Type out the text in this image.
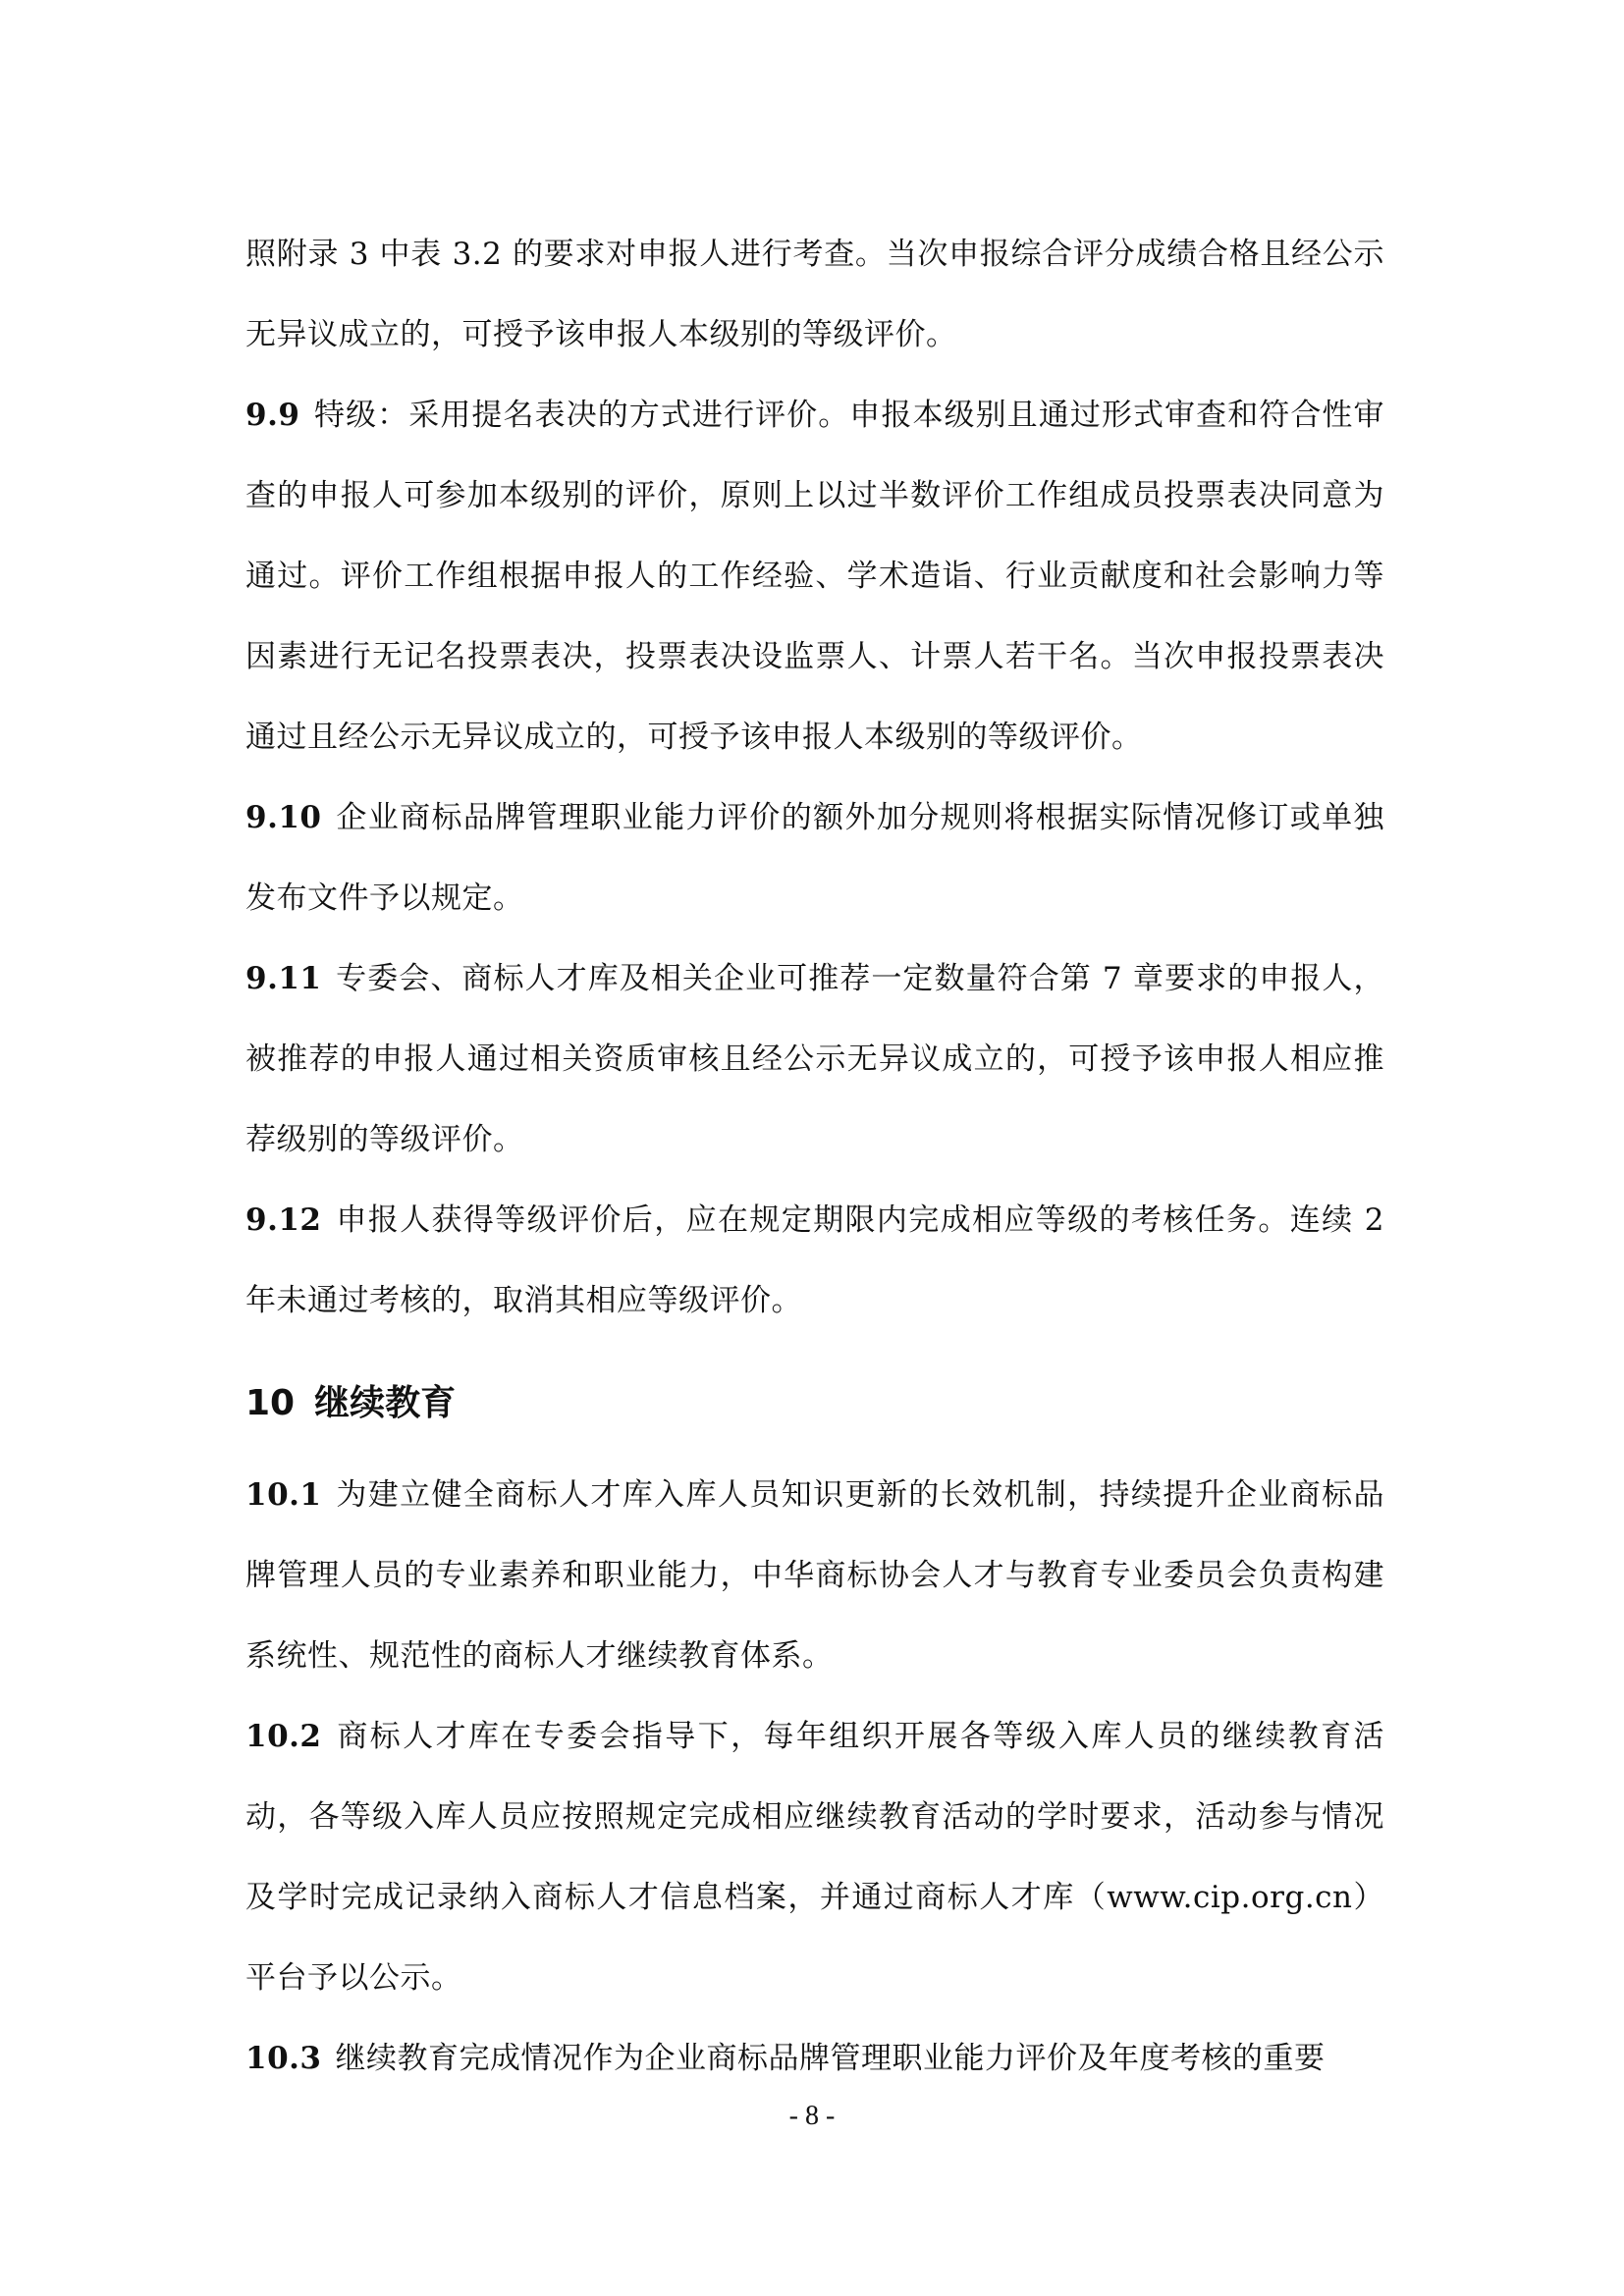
照附录 3 中表 3.2 的要求对申报人进行考查。当次申报综合评分成绩合格且经公示无异议成立的，可授予该申报人本级别的等级评价。

9.9 特级：采用提名表决的方式进行评价。申报本级别且通过形式审查和符合性审查的申报人可参加本级别的评价，原则上以过半数评价工作组成员投票表决同意为通过。评价工作组根据申报人的工作经验、学术造诣、行业贡献度和社会影响力等因素进行无记名投票表决，投票表决设监票人、计票人若干名。当次申报投票表决通过且经公示无异议成立的，可授予该申报人本级别的等级评价。

9.10 企业商标品牌管理职业能力评价的额外加分规则将根据实际情况修订或单独发布文件予以规定。

9.11 专委会、商标人才库及相关企业可推荐一定数量符合第 7 章要求的申报人，被推荐的申报人通过相关资质审核且经公示无异议成立的，可授予该申报人相应推荐级别的等级评价。

9.12 申报人获得等级评价后，应在规定期限内完成相应等级的考核任务。连续 2 年未通过考核的，取消其相应等级评价。

10 继续教育

10.1 为建立健全商标人才库入库人员知识更新的长效机制，持续提升企业商标品牌管理人员的专业素养和职业能力，中华商标协会人才与教育专业委员会负责构建系统性、规范性的商标人才继续教育体系。

10.2 商标人才库在专委会指导下，每年组织开展各等级入库人员的继续教育活动，各等级入库人员应按照规定完成相应继续教育活动的学时要求，活动参与情况及学时完成记录纳入商标人才信息档案，并通过商标人才库（www.cip.org.cn）平台予以公示。

10.3 继续教育完成情况作为企业商标品牌管理职业能力评价及年度考核的重要

- 8 -
